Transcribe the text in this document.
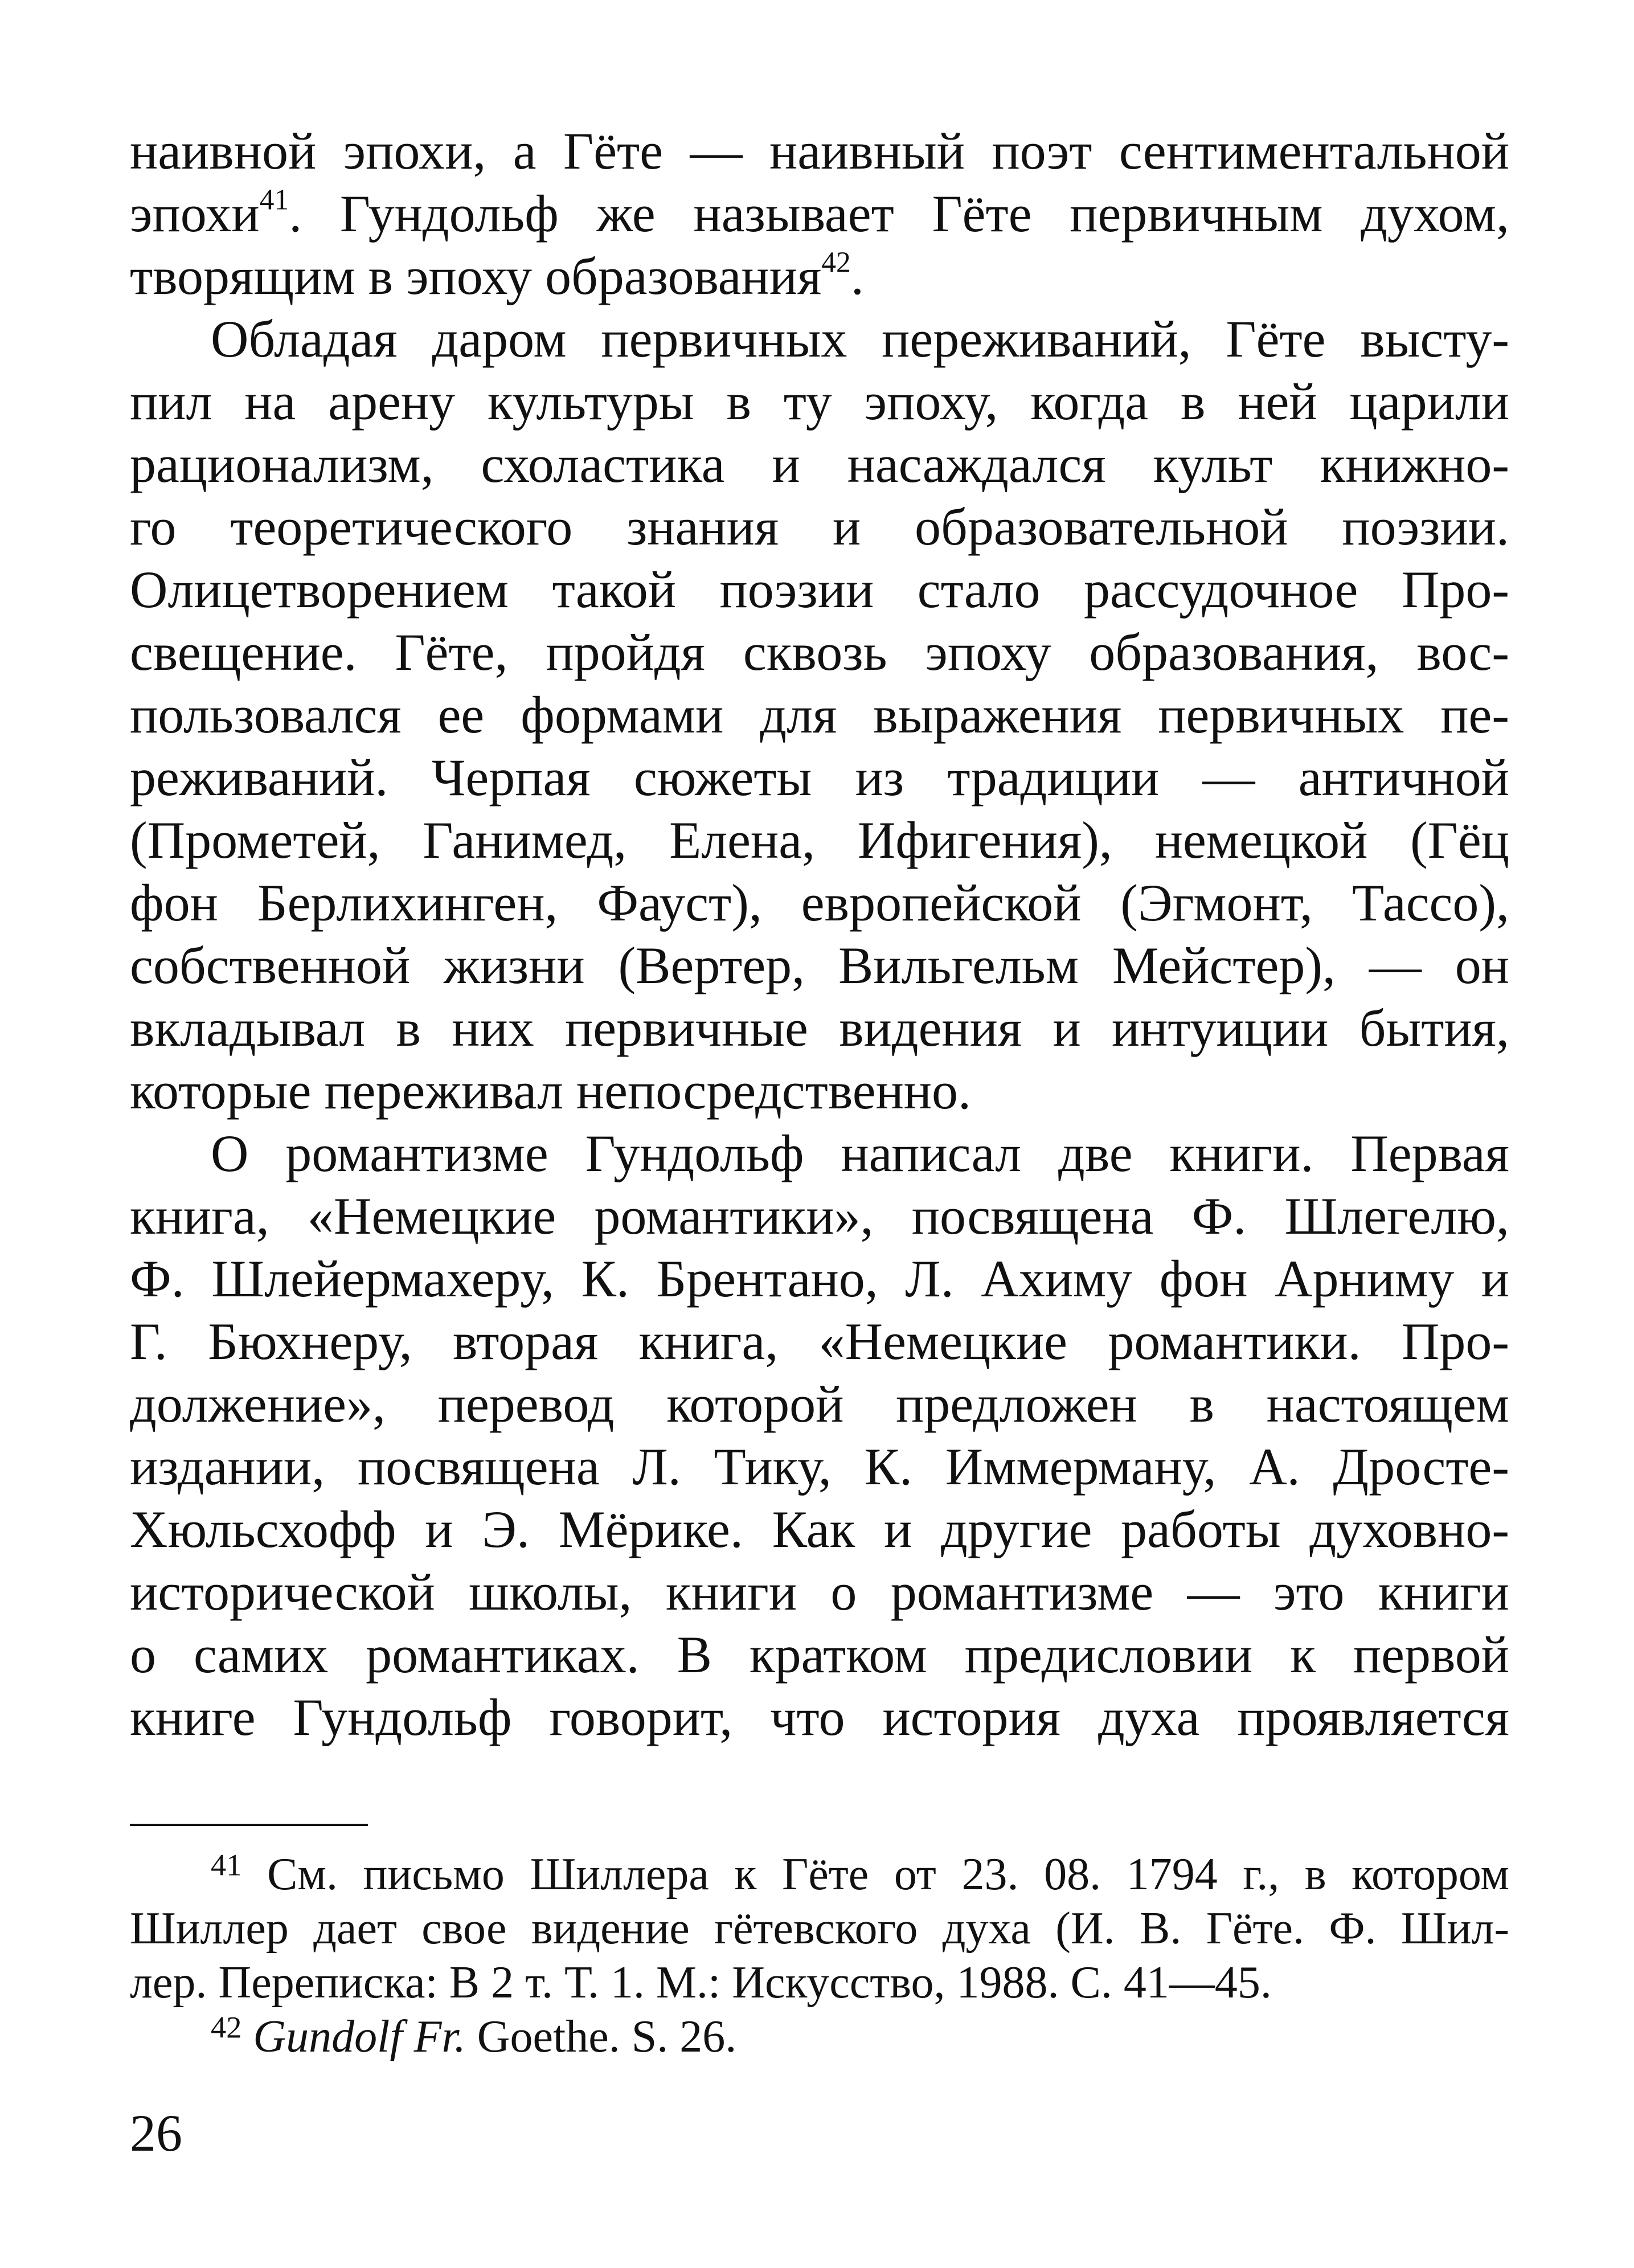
наивной эпохи, а Гёте — наивный поэт сентиментальной
эпохи$^{41}$. Гундольф же называет Гёте первичным духом,
творящим в эпоху образования$^{42}$.
Обладая даром первичных переживаний, Гёте высту-
пил на арену культуры в ту эпоху, когда в ней царили
рационализм, схоластика и насаждался культ книжно-
го теоретического знания и образовательной поэзии.
Олицетворением такой поэзии стало рассудочное Про-
свещение. Гёте, пройдя сквозь эпоху образования, вос-
пользовался ее формами для выражения первичных пе-
реживаний. Черпая сюжеты из традиции — античной
(Прометей, Ганимед, Елена, Ифигения), немецкой (Гёц
фон Берлихинген, Фауст), европейской (Эгмонт, Тассо),
собственной жизни (Вертер, Вильгельм Мейстер), — он
вкладывал в них первичные видения и интуиции бытия,
которые переживал непосредственно.
О романтизме Гундольф написал две книги. Первая
книга, «Немецкие романтики», посвящена Ф. Шлегелю,
Ф. Шлейермахеру, К. Брентано, Л. Ахиму фон Арниму и
Г. Бюхнеру, вторая книга, «Немецкие романтики. Про-
должение», перевод которой предложен в настоящем
издании, посвящена Л. Тику, К. Иммерману, А. Дросте-
Хюльсхофф и Э. Мёрике. Как и другие работы духовно-
исторической школы, книги о романтизме — это книги
о самих романтиках. В кратком предисловии к первой
книге Гундольф говорит, что история духа проявляется
$^{41}$ См. письмо Шиллера к Гёте от 23. 08. 1794 г., в котором
Шиллер дает свое видение гётевского духа (И. В. Гёте. Ф. Шил-
лер. Переписка: В 2 т. Т. 1. М.: Искусство, 1988. С. 41—45.
$^{42}$ Gundolf Fr. Goethe. S. 26.
26
